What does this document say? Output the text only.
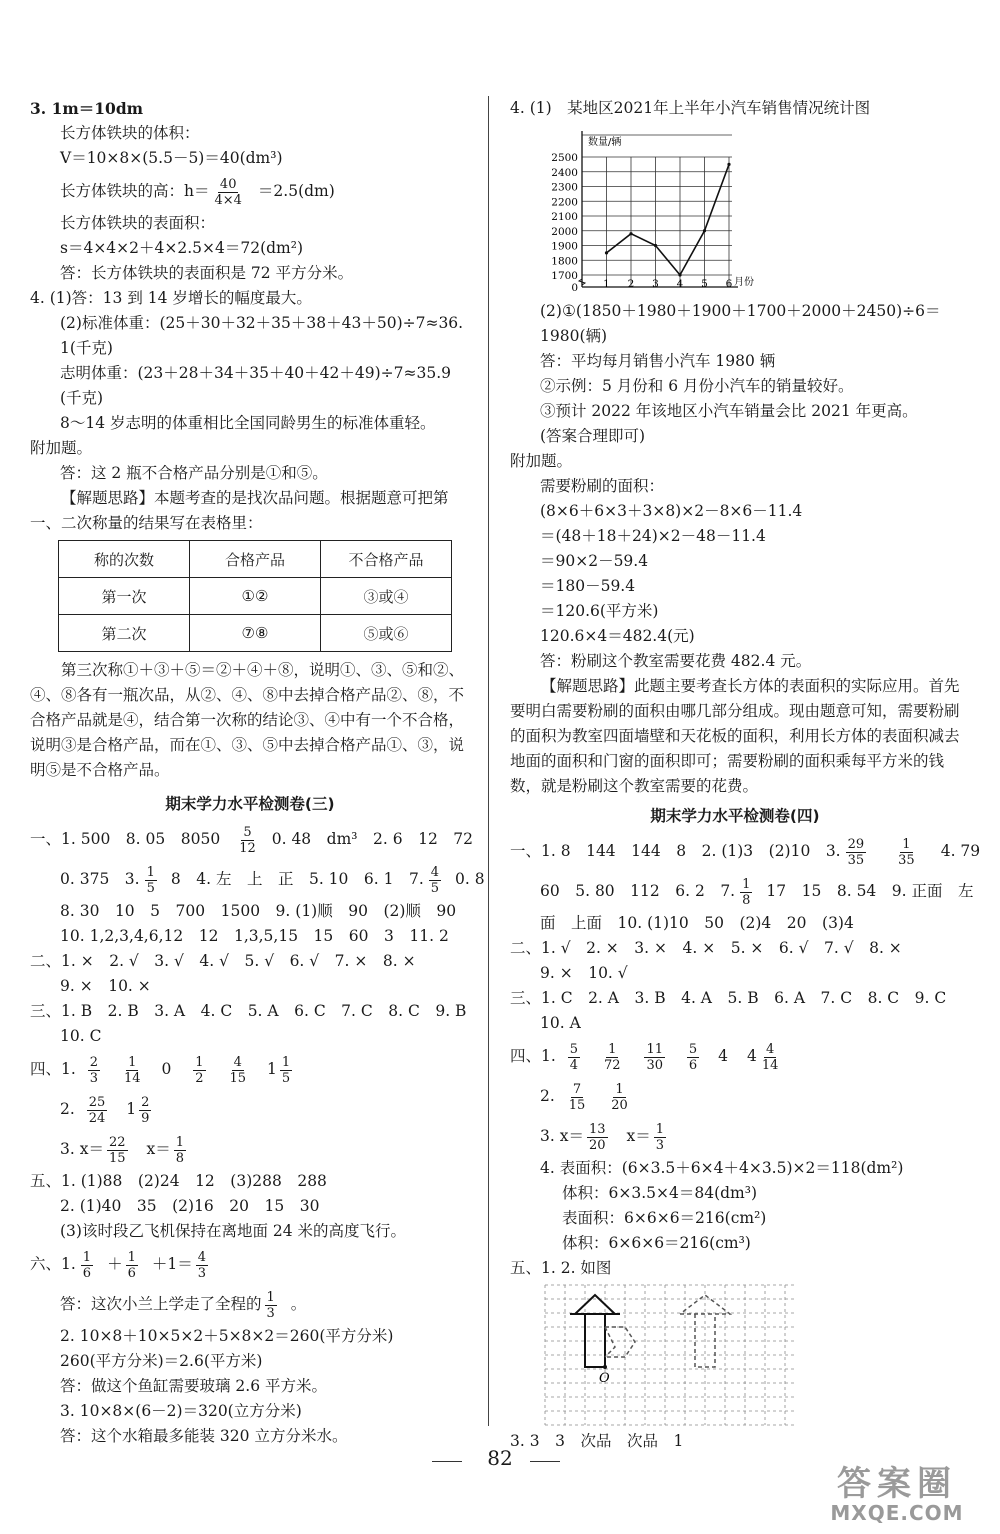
3. 1m＝10dm
长方体铁块的体积：
V＝10×8×(5.5－5)＝40(dm³)
长方体铁块的高：$h= \frac{40}{4\times 4} =2.5(dm)$
长方体铁块的表面积：
s＝4×4×2＋4×2.5×4＝72(dm²)
答：长方体铁块的表面积是 72 平方分米。
4. (1)答：13 到 14 岁增长的幅度最大。
(2)标准体重：(25＋30＋32＋35＋38＋43＋50)÷7≈36.
1(千克)
志明体重：(23＋28＋34＋35＋40＋42＋49)÷7≈35.9
(千克)
8～14 岁志明的体重相比全国同龄男生的标准体重轻。
附加题。
答：这 2 瓶不合格产品分别是①和⑤。
【解题思路】本题考查的是找次品问题。根据题意可把第一、二次称量的结果写在表格里：
称的次数	合格产品	不合格产品
第一次	①②	③或④
第二次	⑦⑧	⑤或⑥
第三次称①＋③＋⑤＝②＋④＋⑧，说明①、③、⑤和②、④、⑧各有一瓶次品，从②、④、⑧中去掉合格产品②、⑧，不合格产品就是④，结合第一次称的结论③、④中有一个不合格，说明③是合格产品，而在①、③、⑤中去掉合格产品①、③，说明⑤是不合格产品。
期末学力水平检测卷(三)
一、1. 500　8. 05　$8050 \frac{5}{12} 0$. 48　dm³　2. 6　12　72
0. 375　3. $\frac{1}{5} 8$　4. 左　上　正　5. 10　6. 1　7. $\frac{4}{5} 0$. 8
8. 30　10　5　700　1500　9. (1)顺　90　(2)顺　90
10. 1,2,3,4,6,12　12　1,3,5,15　15　60　3　11. 2
二、1. ×　2. √　3. √　4. √　5. √　6. √　7. ×　8. ×
9. ×　10. ×
三、1. B　2. B　3. A　4. C　5. A　6. C　7. C　8. C　9. B
10. C
四、1. $\frac{2}{3}$
$\frac{1}{14} 0 \frac{1}{2}$
$\frac{4}{15} 1 \frac{1}{5}$
2. $\frac{25}{24} 1 \frac{2}{9}$
3. $x= \frac{22}{15} x= \frac{1}{8}$
五、1. (1)88　(2)24　12　(3)288　288
2. (1)40　35　(2)16　20　15　30
(3)该时段乙飞机保持在离地面 24 米的高度飞行。
六、1. $\frac{1}{6} + \frac{1}{6} +1= \frac{4}{3}$
答：这次小兰上学走了全程的 $\frac{1}{3}$ 。
2. 10×8＋10×5×2＋5×8×2＝260(平方分米)
260(平方分米)＝2.6(平方米)
答：做这个鱼缸需要玻璃 2.6 平方米。
3. 10×8×(6－2)＝320(立方分米)
答：这个水箱最多能装 320 立方分米水。
4. (1)　某地区2021年上半年小汽车销售情况统计图
0
1700
1800
1900
2000
2100
2200
2300
2400
2500
1 2 3 4 5 6
数量/辆
月份
(2)①(1850＋1980＋1900＋1700＋2000＋2450)÷6＝
1980(辆)
答：平均每月销售小汽车 1980 辆
②示例：5 月份和 6 月份小汽车的销量较好。
③预计 2022 年该地区小汽车销量会比 2021 年更高。
(答案合理即可)
附加题。
需要粉刷的面积：
(8×6＋6×3＋3×8)×2－8×6－11.4
＝(48＋18＋24)×2－48－11.4
＝90×2－59.4
＝180－59.4
＝120.6(平方米)
120.6×4＝482.4(元)
答：粉刷这个教室需要花费 482.4 元。
【解题思路】此题主要考查长方体的表面积的实际应用。首先要明白需要粉刷的面积由哪几部分组成。现由题意可知，需要粉刷的面积为教室四面墙壁和天花板的面积，利用长方体的表面积减去地面的面积和门窗的面积即可；需要粉刷的面积乘每平方米的钱数，就是粉刷这个教室需要的花费。
期末学力水平检测卷(四)
一、1. 8　144　144　8　2. (1)3　(2)10　3. $\frac{29}{35} \frac{1}{35} 4$. 79
60　5. 80　112　6. 2　7. $\frac{1}{8} 17$　15　8. 54　9. 正面　左
面　上面　10. (1)10　50　(2)4　20　(3)4
二、1. √　2. ×　3. ×　4. ×　5. ×　6. √　7. √　8. ×
9. ×　10. √
三、1. C　2. A　3. B　4. A　5. B　6. A　7. C　8. C　9. C
10. A
四、1. $\frac{5}{4}$
$\frac{1}{72}$
$\frac{11}{30}$
$\frac{5}{6} 4$ $4 \frac{4}{14}$
2. $\frac{7}{15}$
$\frac{1}{20}$
3. $x= \frac{13}{20} x= \frac{1}{3}$
4. 表面积：(6×3.5＋6×4＋4×3.5)×2＝118(dm²)
体积：6×3.5×4＝84(dm³)
表面积：6×6×6＝216(cm²)
体积：6×6×6＝216(cm³)
五、1. 2. 如图
O
3. 3　3　次品　次品　1
82
答案圈
MXQE.COM
